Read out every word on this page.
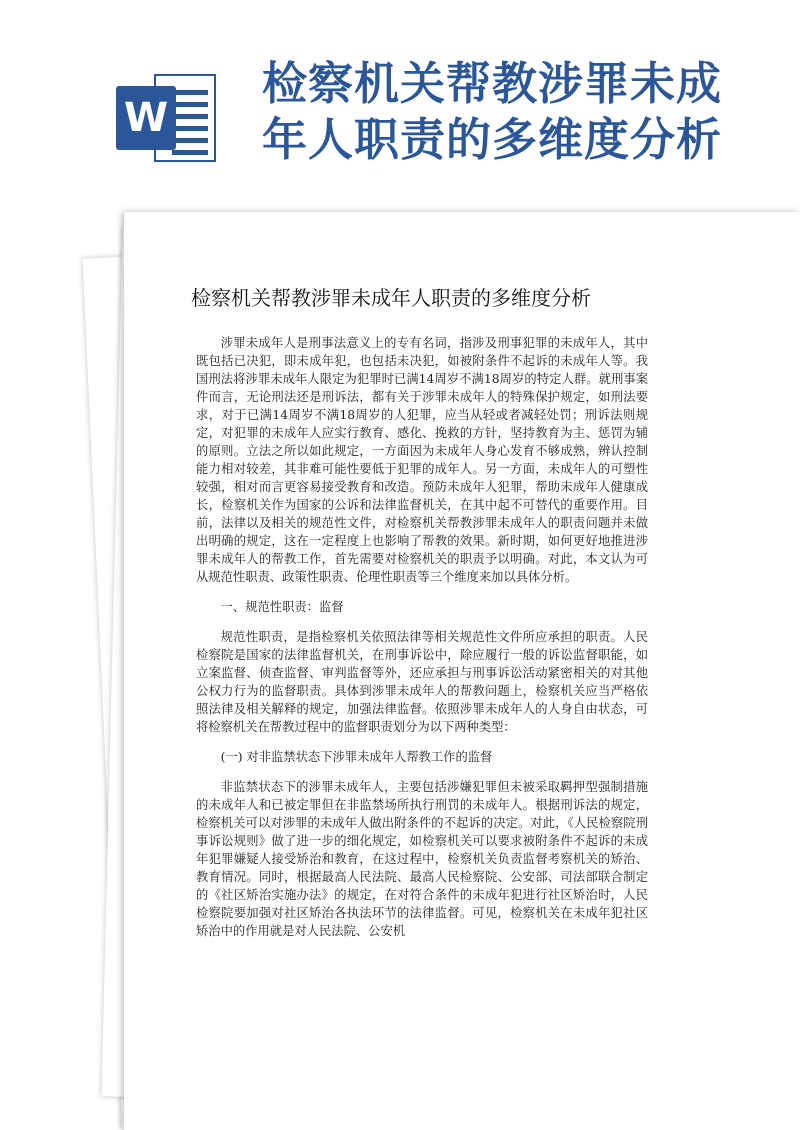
W
检察机关帮教涉罪未成
年人职责的多维度分析
检察机关帮教涉罪未成年人职责的多维度分析

涉罪未成年人是刑事法意义上的专有名词，指涉及刑事犯罪的未成年人，其中既包括已决犯，即未成年犯，也包括未决犯，如被附条件不起诉的未成年人等。我国刑法将涉罪未成年人限定为犯罪时已满14周岁不满18周岁的特定人群。就刑事案件而言，无论刑法还是刑诉法，都有关于涉罪未成年人的特殊保护规定，如刑法要求，对于已满14周岁不满18周岁的人犯罪，应当从轻或者减轻处罚；刑诉法则规定，对犯罪的未成年人应实行教育、感化、挽救的方针，坚持教育为主、惩罚为辅的原则。立法之所以如此规定，一方面因为未成年人身心发育不够成熟，辨认控制能力相对较差，其非难可能性要低于犯罪的成年人。另一方面，未成年人的可塑性较强，相对而言更容易接受教育和改造。预防未成年人犯罪，帮助未成年人健康成长，检察机关作为国家的公诉和法律监督机关，在其中起不可替代的重要作用。目前，法律以及相关的规范性文件，对检察机关帮教涉罪未成年人的职责问题并未做出明确的规定，这在一定程度上也影响了帮教的效果。新时期，如何更好地推进涉罪未成年人的帮教工作，首先需要对检察机关的职责予以明确。对此，本文认为可从规范性职责、政策性职责、伦理性职责等三个维度来加以具体分析。

一、规范性职责：监督

规范性职责，是指检察机关依照法律等相关规范性文件所应承担的职责。人民检察院是国家的法律监督机关，在刑事诉讼中，除应履行一般的诉讼监督职能，如立案监督、侦查监督、审判监督等外，还应承担与刑事诉讼活动紧密相关的对其他公权力行为的监督职责。具体到涉罪未成年人的帮教问题上，检察机关应当严格依照法律及相关解释的规定，加强法律监督。依照涉罪未成年人的人身自由状态，可将检察机关在帮教过程中的监督职责划分为以下两种类型：

(一) 对非监禁状态下涉罪未成年人帮教工作的监督

非监禁状态下的涉罪未成年人，主要包括涉嫌犯罪但未被采取羁押型强制措施的未成年人和已被定罪但在非监禁场所执行刑罚的未成年人。根据刑诉法的规定，检察机关可以对涉罪的未成年人做出附条件的不起诉的决定。对此，《人民检察院刑事诉讼规则》做了进一步的细化规定，如检察机关可以要求被附条件不起诉的未成年犯罪嫌疑人接受矫治和教育，在这过程中，检察机关负责监督考察机关的矫治、教育情况。同时，根据最高人民法院、最高人民检察院、公安部、司法部联合制定的《社区矫治实施办法》的规定，在对符合条件的未成年犯进行社区矫治时，人民检察院要加强对社区矫治各执法环节的法律监督。可见，检察机关在未成年犯社区矫治中的作用就是对人民法院、公安机
